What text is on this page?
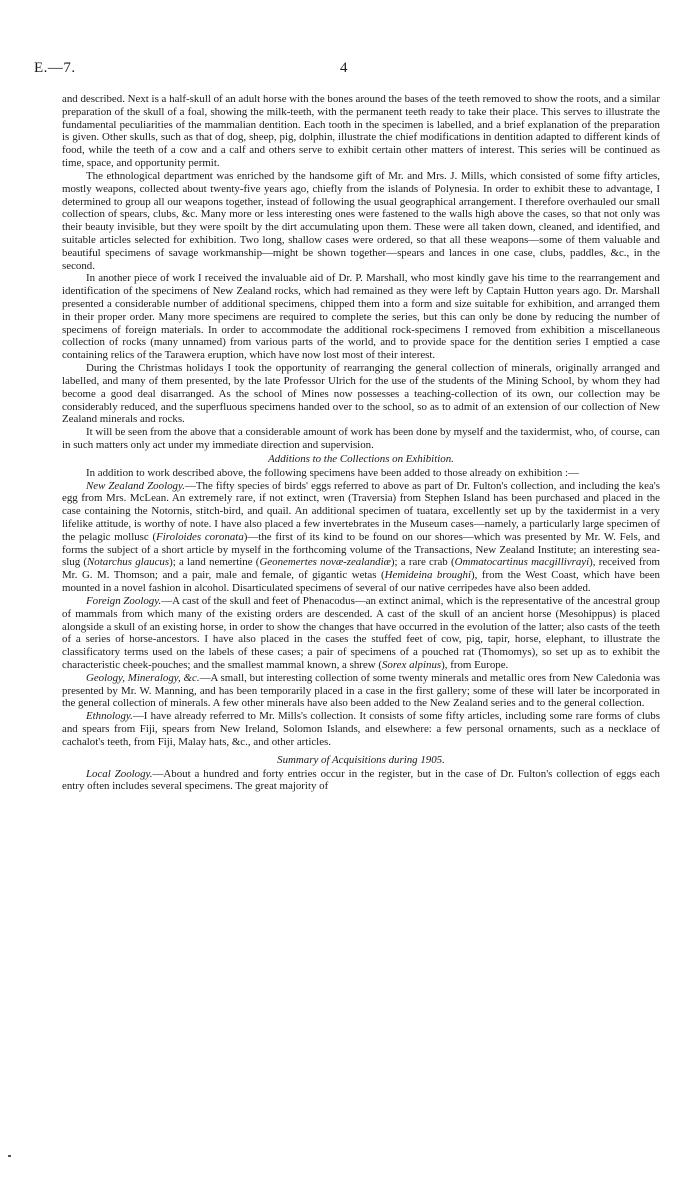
E.—7.	4

and described. Next is a half-skull of an adult horse with the bones around the bases of the teeth removed to show the roots, and a similar preparation of the skull of a foal, showing the milk-teeth, with the permanent teeth ready to take their place. This serves to illustrate the fundamental peculiarities of the mammalian dentition. Each tooth in the specimen is labelled, and a brief explanation of the preparation is given. Other skulls, such as that of dog, sheep, pig, dolphin, illustrate the chief modifications in dentition adapted to different kinds of food, while the teeth of a cow and a calf and others serve to exhibit certain other matters of interest. This series will be continued as time, space, and opportunity permit.

The ethnological department was enriched by the handsome gift of Mr. and Mrs. J. Mills, which consisted of some fifty articles, mostly weapons, collected about twenty-five years ago, chiefly from the islands of Polynesia. In order to exhibit these to advantage, I determined to group all our weapons together, instead of following the usual geographical arrangement. I therefore overhauled our small collection of spears, clubs, &c. Many more or less interesting ones were fastened to the walls high above the cases, so that not only was their beauty invisible, but they were spoilt by the dirt accumulating upon them. These were all taken down, cleaned, and identified, and suitable articles selected for exhibition. Two long, shallow cases were ordered, so that all these weapons—some of them valuable and beautiful specimens of savage workmanship—might be shown together—spears and lances in one case, clubs, paddles, &c., in the second.

In another piece of work I received the invaluable aid of Dr. P. Marshall, who most kindly gave his time to the rearrangement and identification of the specimens of New Zealand rocks, which had remained as they were left by Captain Hutton years ago. Dr. Marshall presented a considerable number of additional specimens, chipped them into a form and size suitable for exhibition, and arranged them in their proper order. Many more specimens are required to complete the series, but this can only be done by reducing the number of specimens of foreign materials. In order to accommodate the additional rock-specimens I removed from exhibition a miscellaneous collection of rocks (many unnamed) from various parts of the world, and to provide space for the dentition series I emptied a case containing relics of the Tarawera eruption, which have now lost most of their interest.

During the Christmas holidays I took the opportunity of rearranging the general collection of minerals, originally arranged and labelled, and many of them presented, by the late Professor Ulrich for the use of the students of the Mining School, by whom they had become a good deal disarranged. As the school of Mines now possesses a teaching-collection of its own, our collection may be considerably reduced, and the superfluous specimens handed over to the school, so as to admit of an extension of our collection of New Zealand minerals and rocks.

It will be seen from the above that a considerable amount of work has been done by myself and the taxidermist, who, of course, can in such matters only act under my immediate direction and supervision.

Additions to the Collections on Exhibition.

In addition to work described above, the following specimens have been added to those already on exhibition :—

New Zealand Zoology.—The fifty species of birds' eggs referred to above as part of Dr. Fulton's collection, and including the kea's egg from Mrs. McLean. An extremely rare, if not extinct, wren (Traversia) from Stephen Island has been purchased and placed in the case containing the Notornis, stitch-bird, and quail. An additional specimen of tuatara, excellently set up by the taxidermist in a very lifelike attitude, is worthy of note. I have also placed a few invertebrates in the Museum cases—namely, a particularly large specimen of the pelagic mollusc (Firoloides coronata)—the first of its kind to be found on our shores—which was presented by Mr. W. Fels, and forms the subject of a short article by myself in the forthcoming volume of the Transactions, New Zealand Institute; an interesting sea-slug (Notarchus glaucus); a land nemertine (Geonemertes novæ-zealandiæ); a rare crab (Ommatocartinus macgillivrayi), received from Mr. G. M. Thomson; and a pair, male and female, of gigantic wetas (Hemideina broughi), from the West Coast, which have been mounted in a novel fashion in alcohol. Disarticulated specimens of several of our native cerripedes have also been added.

Foreign Zoology.—A cast of the skull and feet of Phenacodus—an extinct animal, which is the representative of the ancestral group of mammals from which many of the existing orders are descended. A cast of the skull of an ancient horse (Mesohippus) is placed alongside a skull of an existing horse, in order to show the changes that have occurred in the evolution of the latter; also casts of the teeth of a series of horse-ancestors. I have also placed in the cases the stuffed feet of cow, pig, tapir, horse, elephant, to illustrate the classificatory terms used on the labels of these cases; a pair of specimens of a pouched rat (Thomomys), so set up as to exhibit the characteristic cheek-pouches; and the smallest mammal known, a shrew (Sorex alpinus), from Europe.

Geology, Mineralogy, &c.—A small, but interesting collection of some twenty minerals and metallic ores from New Caledonia was presented by Mr. W. Manning, and has been temporarily placed in a case in the first gallery; some of these will later be incorporated in the general collection of minerals. A few other minerals have also been added to the New Zealand series and to the general collection.

Ethnology.—I have already referred to Mr. Mills's collection. It consists of some fifty articles, including some rare forms of clubs and spears from Fiji, spears from New Ireland, Solomon Islands, and elsewhere: a few personal ornaments, such as a necklace of cachalot's teeth, from Fiji, Malay hats, &c., and other articles.

Summary of Acquisitions during 1905.

Local Zoology.—About a hundred and forty entries occur in the register, but in the case of Dr. Fulton's collection of eggs each entry often includes several specimens. The great majority of
